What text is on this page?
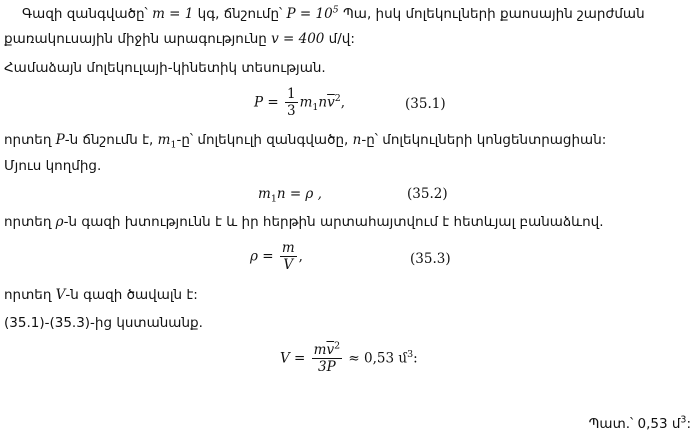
Գազի զանգվածը՝ m = 1 կգ, ճնշումը՝ $P = 10^5$ Պա, իսկ մոլեկուլների քաոսային շարժման
քառակուսային միջին արագությունը v = 400 մ/վ:
Համաձայն մոլեկուլայի-կինետիկ տեսության.
$P = \frac{1}{3} m_1n\overline{v}^2$,	(35.1)
որտեղ P-ն ճնշումն է, $m_1-ը՝$ մոլեկուլի զանգվածը, n-ը՝ մոլեկուլների կոնցենտրացիան:
Մյուս կողմից.
$m_1n = \rho$ ,	(35.2)
որտեղ ρ-ն գազի խտությունն է և իր հերթին արտահայտվում է հետևյալ բանաձևով.
$\rho = \frac{m}{V}$ ,	(35.3)
որտեղ V-ն գազի ծավալն է:
(35.1)-(35.3)-ից կստանանք.
$V = \frac{m\overline{v}^2}{3P} \approx 0,53$ մ$^3$:
Պատ.՝ 0,53 մ$^3$:
